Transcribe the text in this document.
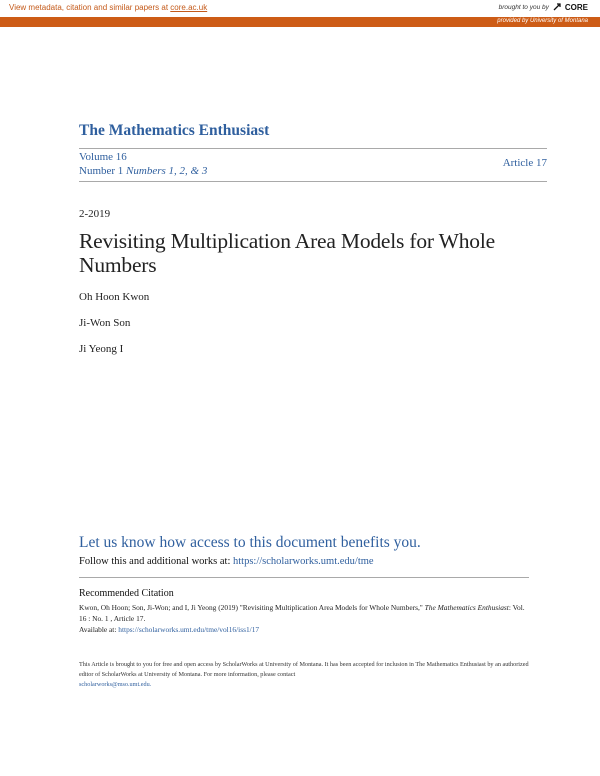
View metadata, citation and similar papers at core.ac.uk	brought to you by CORE
provided by University of Montana
The Mathematics Enthusiast
Volume 16
Number 1 Numbers 1, 2, & 3
Article 17
2-2019
Revisiting Multiplication Area Models for Whole Numbers
Oh Hoon Kwon
Ji-Won Son
Ji Yeong I
Let us know how access to this document benefits you.
Follow this and additional works at: https://scholarworks.umt.edu/tme
Recommended Citation
Kwon, Oh Hoon; Son, Ji-Won; and I, Ji Yeong (2019) "Revisiting Multiplication Area Models for Whole Numbers," The Mathematics Enthusiast: Vol. 16 : No. 1 , Article 17.
Available at: https://scholarworks.umt.edu/tme/vol16/iss1/17
This Article is brought to you for free and open access by ScholarWorks at University of Montana. It has been accepted for inclusion in The Mathematics Enthusiast by an authorized editor of ScholarWorks at University of Montana. For more information, please contact
scholarworks@mso.umt.edu.
